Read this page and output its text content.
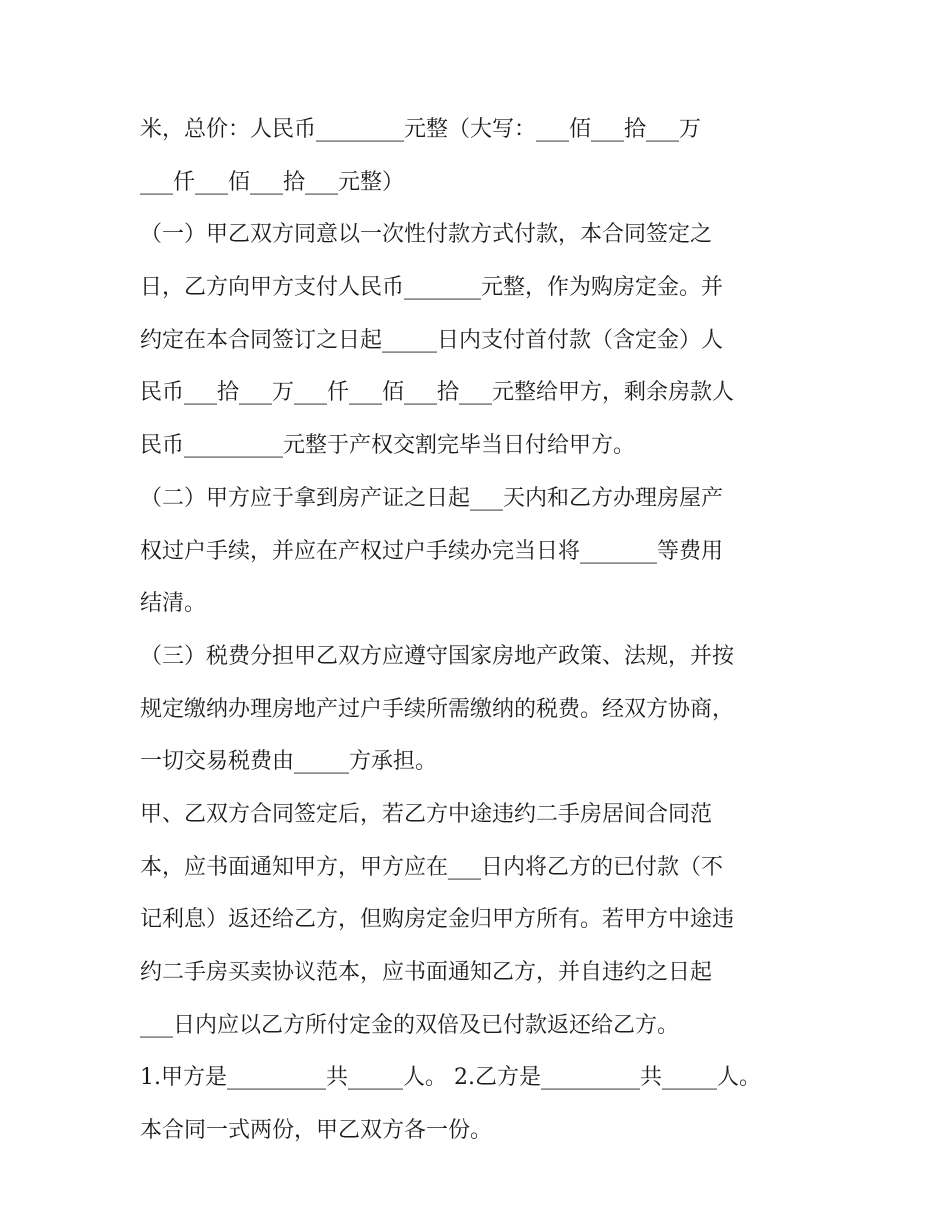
米，总价：人民币________元整（大写：___佰___拾___万
___仟___佰___拾___元整）
（一）甲乙双方同意以一次性付款方式付款，本合同签定之
日，乙方向甲方支付人民币_______元整，作为购房定金。并
约定在本合同签订之日起_____日内支付首付款（含定金）人
民币___拾___万___仟___佰___拾___元整给甲方，剩余房款人
民币_________元整于产权交割完毕当日付给甲方。
（二）甲方应于拿到房产证之日起___天内和乙方办理房屋产
权过户手续，并应在产权过户手续办完当日将_______等费用
结清。
（三）税费分担甲乙双方应遵守国家房地产政策、法规，并按
规定缴纳办理房地产过户手续所需缴纳的税费。经双方协商，
一切交易税费由_____方承担。
甲、乙双方合同签定后，若乙方中途违约二手房居间合同范
本，应书面通知甲方，甲方应在___日内将乙方的已付款（不
记利息）返还给乙方，但购房定金归甲方所有。若甲方中途违
约二手房买卖协议范本，应书面通知乙方，并自违约之日起
___日内应以乙方所付定金的双倍及已付款返还给乙方。
1.甲方是_________共_____人。 2.乙方是_________共_____人。
本合同一式两份，甲乙双方各一份。
